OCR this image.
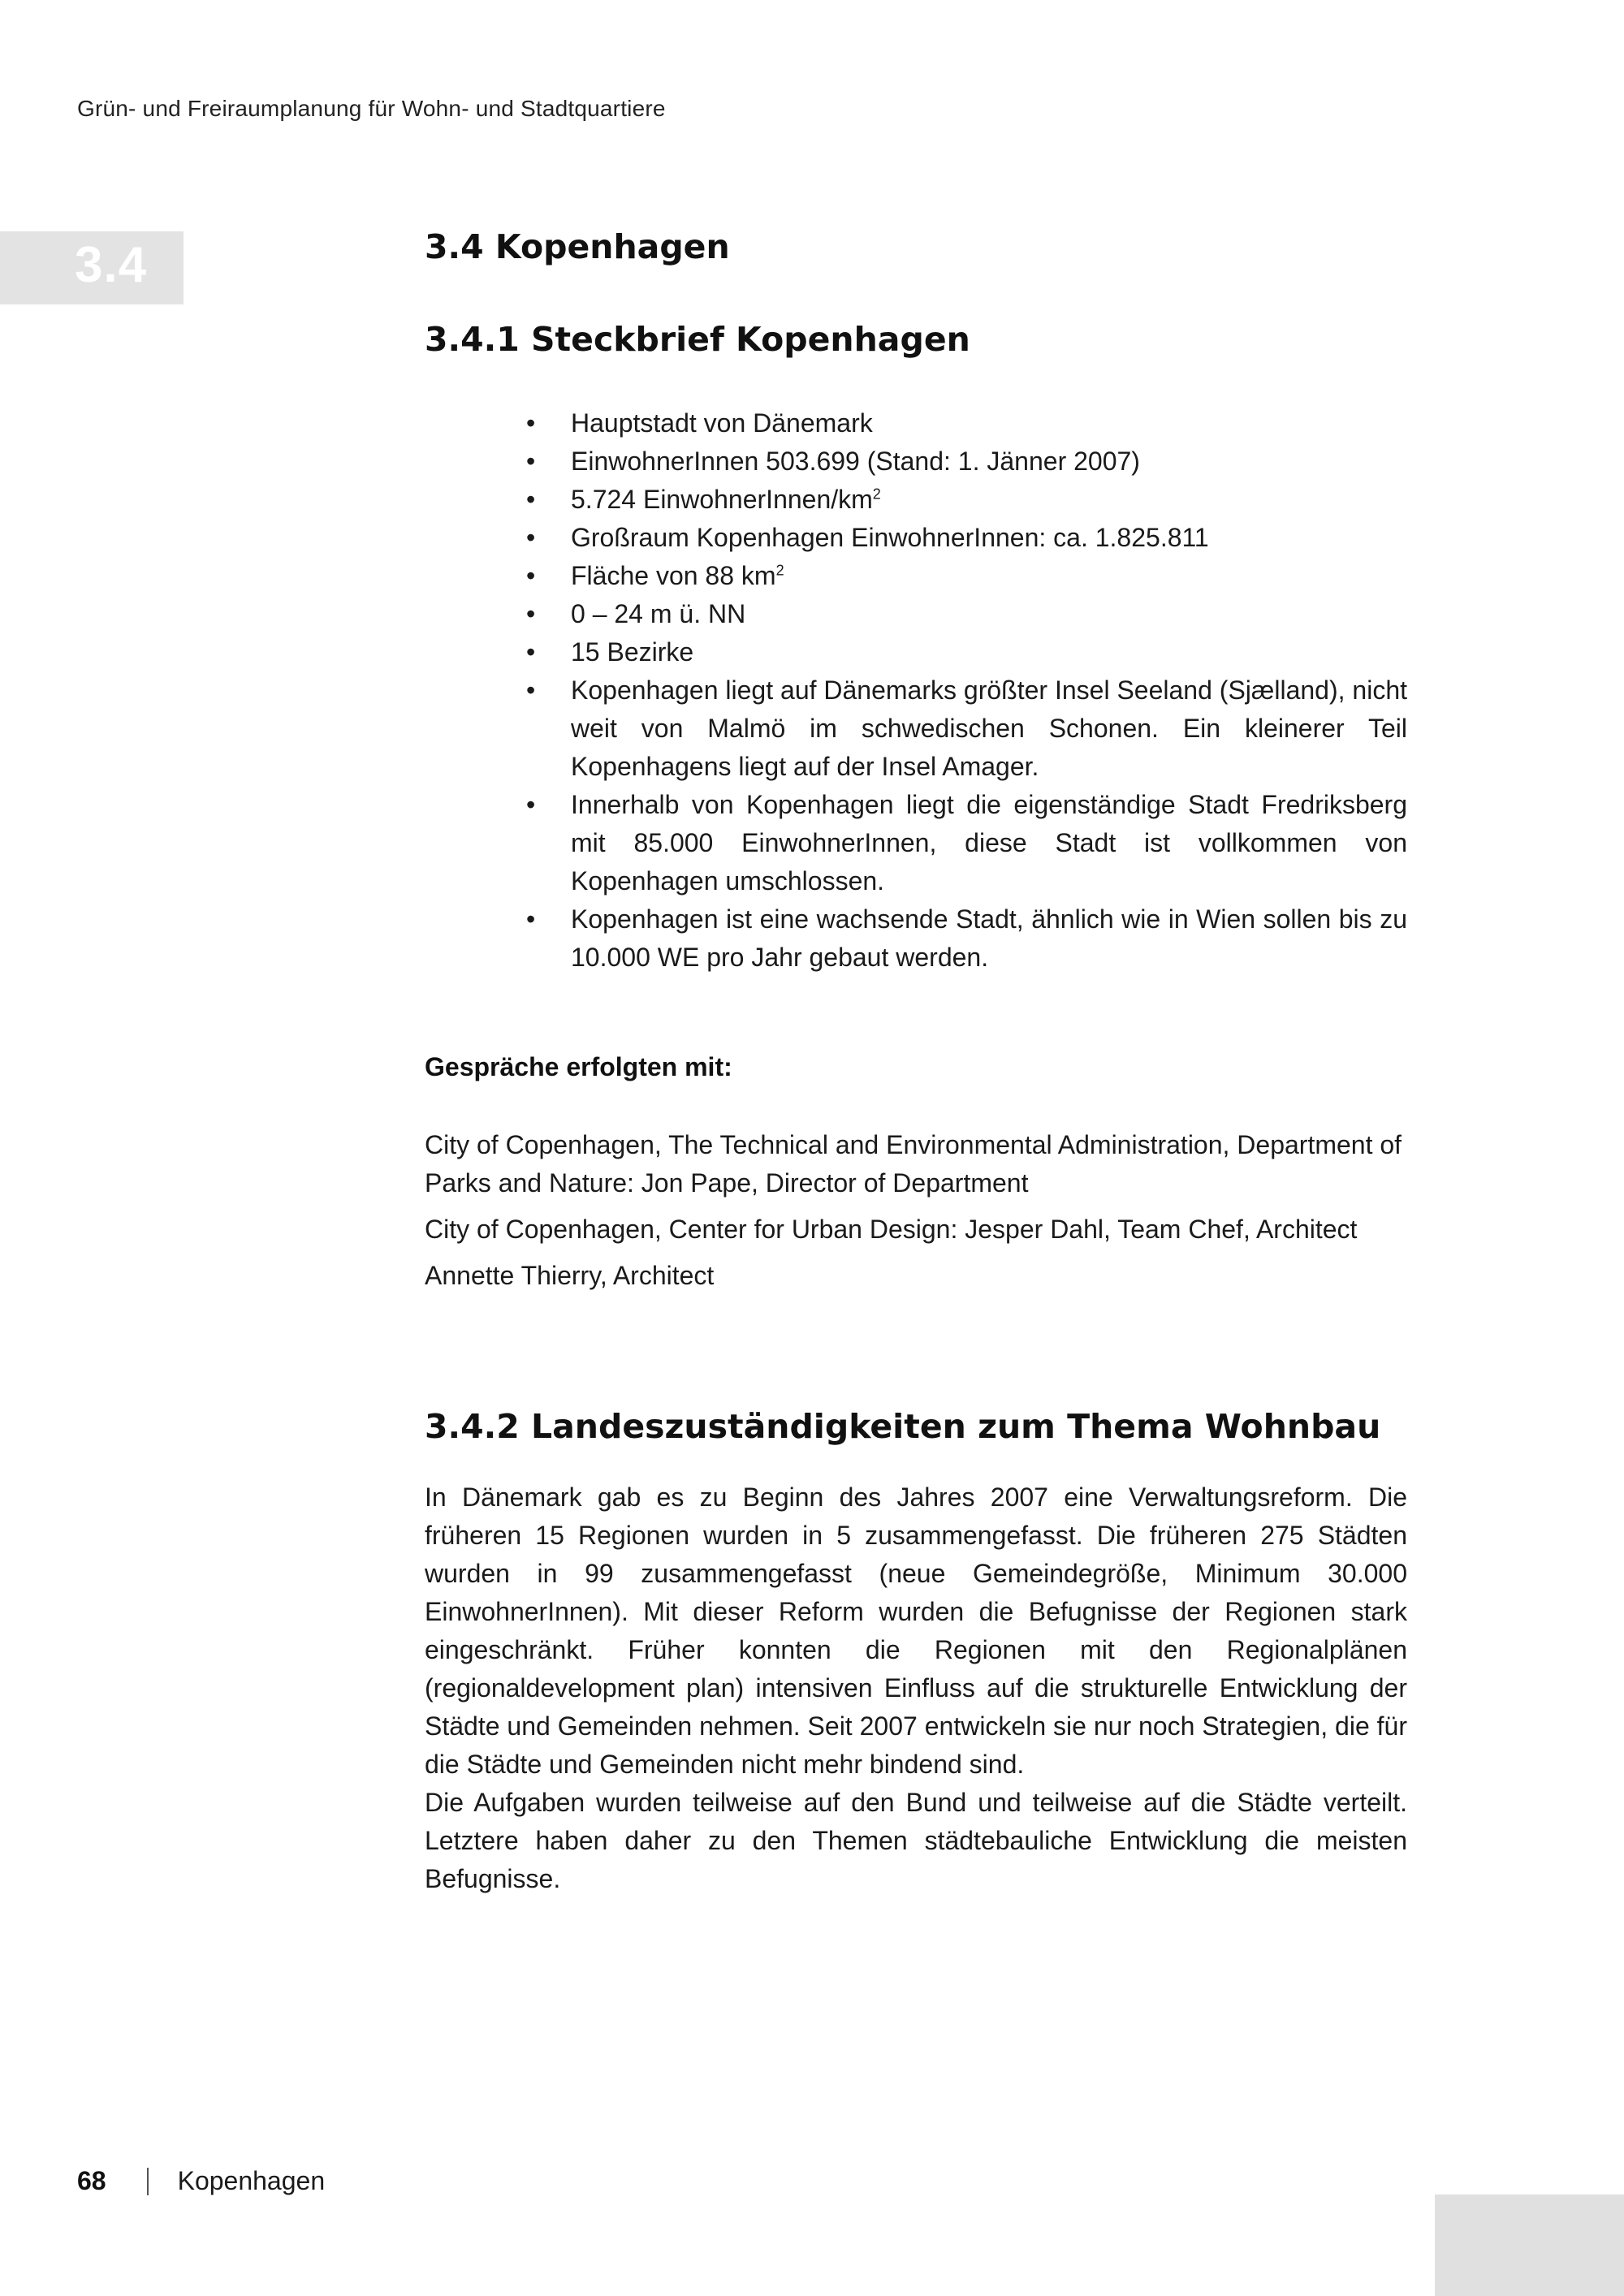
Grün- und Freiraumplanung für Wohn- und Stadtquartiere
3.4	3.4 Kopenhagen
3.4.1 Steckbrief Kopenhagen
• Hauptstadt von Dänemark
• EinwohnerInnen 503.699 (Stand: 1. Jänner 2007)
• 5.724 EinwohnerInnen/$km^2$
• Großraum Kopenhagen EinwohnerInnen: ca. 1.825.811
• Fläche von 88 $km^2$
• 0 – 24 m ü. NN
• 15 Bezirke
• Kopenhagen liegt auf Dänemarks größter Insel Seeland (Sjælland), nicht weit von Malmö im schwedischen Schonen. Ein kleinerer Teil Kopenhagens liegt auf der Insel Amager.
• Innerhalb von Kopenhagen liegt die eigenständige Stadt Fredriksberg mit 85.000 EinwohnerInnen, diese Stadt ist vollkommen von Kopenhagen umschlossen.
• Kopenhagen ist eine wachsende Stadt, ähnlich wie in Wien sollen bis zu 10.000 WE pro Jahr gebaut werden.
Gespräche erfolgten mit:

City of Copenhagen, The Technical and Environmental Administration, Department of Parks and Nature: Jon Pape, Director of Department

City of Copenhagen, Center for Urban Design: Jesper Dahl, Team Chef, Architect

Annette Thierry, Architect

3.4.2 Landeszuständigkeiten zum Thema Wohnbau

In Dänemark gab es zu Beginn des Jahres 2007 eine Verwaltungsreform. Die früheren 15 Regionen wurden in 5 zusammengefasst. Die früheren 275 Städten wurden in 99 zusammengefasst (neue Gemeindegröße, Minimum 30.000 EinwohnerInnen). Mit dieser Reform wurden die Befugnisse der Regionen stark eingeschränkt. Früher konnten die Regionen mit den Regionalplänen (regionaldevelopment plan) intensiven Einfluss auf die strukturelle Entwicklung der Städte und Gemeinden nehmen. Seit 2007 entwickeln sie nur noch Strategien, die für die Städte und Gemeinden nicht mehr bindend sind.

Die Aufgaben wurden teilweise auf den Bund und teilweise auf die Städte verteilt. Letztere haben daher zu den Themen städtebauliche Entwicklung die meisten Befugnisse.

68	Kopenhagen
